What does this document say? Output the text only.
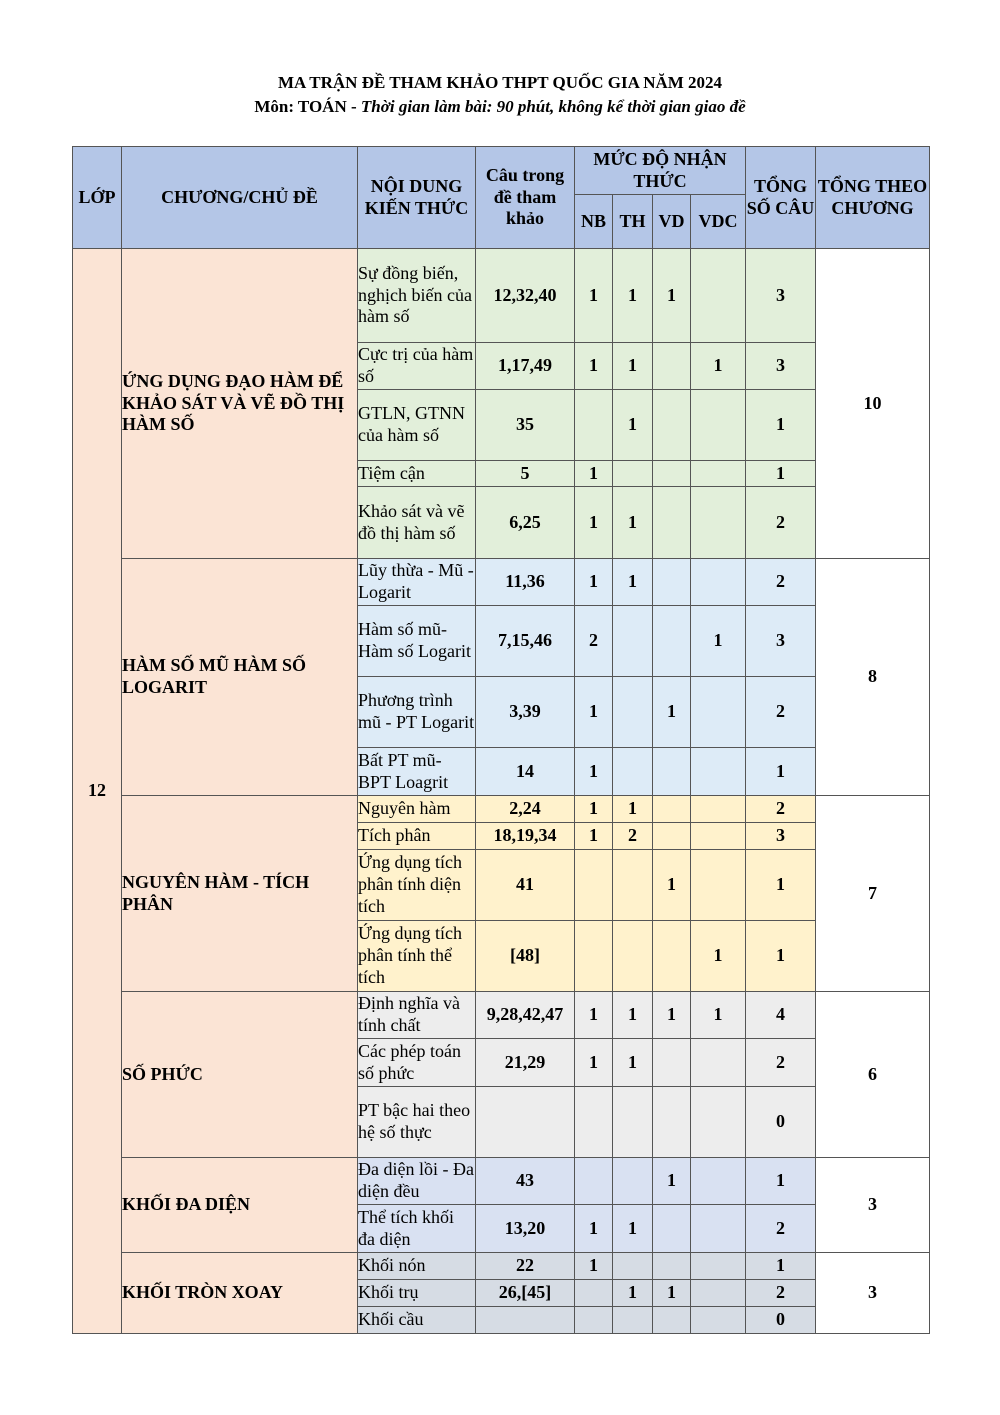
MA TRẬN ĐỀ THAM KHẢO THPT QUỐC GIA NĂM 2024
Môn: TOÁN - Thời gian làm bài: 90 phút, không kể thời gian giao đề
LỚP	CHƯƠNG/CHỦ ĐỀ	NỘI DUNG KIẾN THỨC	Câu trong đề tham khảo	MỨC ĐỘ NHẬN THỨC				TỔNG SỐ CÂU	TỔNG THEO CHƯƠNG
				NB	TH	VD	VDC		
12	ỨNG DỤNG ĐẠO HÀM ĐỂ KHẢO SÁT VÀ VẼ ĐỒ THỊ HÀM SỐ	Sự đồng biến, nghịch biến của hàm số	12,32,40	1	1	1		3	10
		Cực trị của hàm số	1,17,49	1	1		1	3	
		GTLN, GTNN của hàm số	35		1			1	
		Tiệm cận	5	1				1	
		Khảo sát và vẽ đồ thị hàm số	6,25	1	1			2	
	HÀM SỐ MŨ HÀM SỐ LOGARIT	Lũy thừa - Mũ - Logarit	11,36	1	1			2	8
		Hàm số mũ- Hàm số Logarit	7,15,46	2			1	3	
		Phương trình mũ - PT Logarit	3,39	1		1		2	
		Bất PT mũ- BPT Loagrit	14	1				1	
	NGUYÊN HÀM - TÍCH PHÂN	Nguyên hàm	2,24	1	1			2	7
		Tích phân	18,19,34	1	2			3	
		Ứng dụng tích phân tính diện tích	41			1		1	
		Ứng dụng tích phân tính thể tích	[48]				1	1	
	SỐ PHỨC	Định nghĩa và tính chất	9,28,42,47	1	1	1	1	4	6
		Các phép toán số phức	21,29	1	1			2	
		PT bậc hai theo hệ số thực						0	
	KHỐI ĐA DIỆN	Đa diện lồi - Đa diện đều	43			1		1	3
		Thể tích khối đa diện	13,20	1	1			2	
	KHỐI TRÒN XOAY	Khối nón	22	1				1	3
		Khối trụ	26,[45]		1	1		2	
		Khối cầu						0	
